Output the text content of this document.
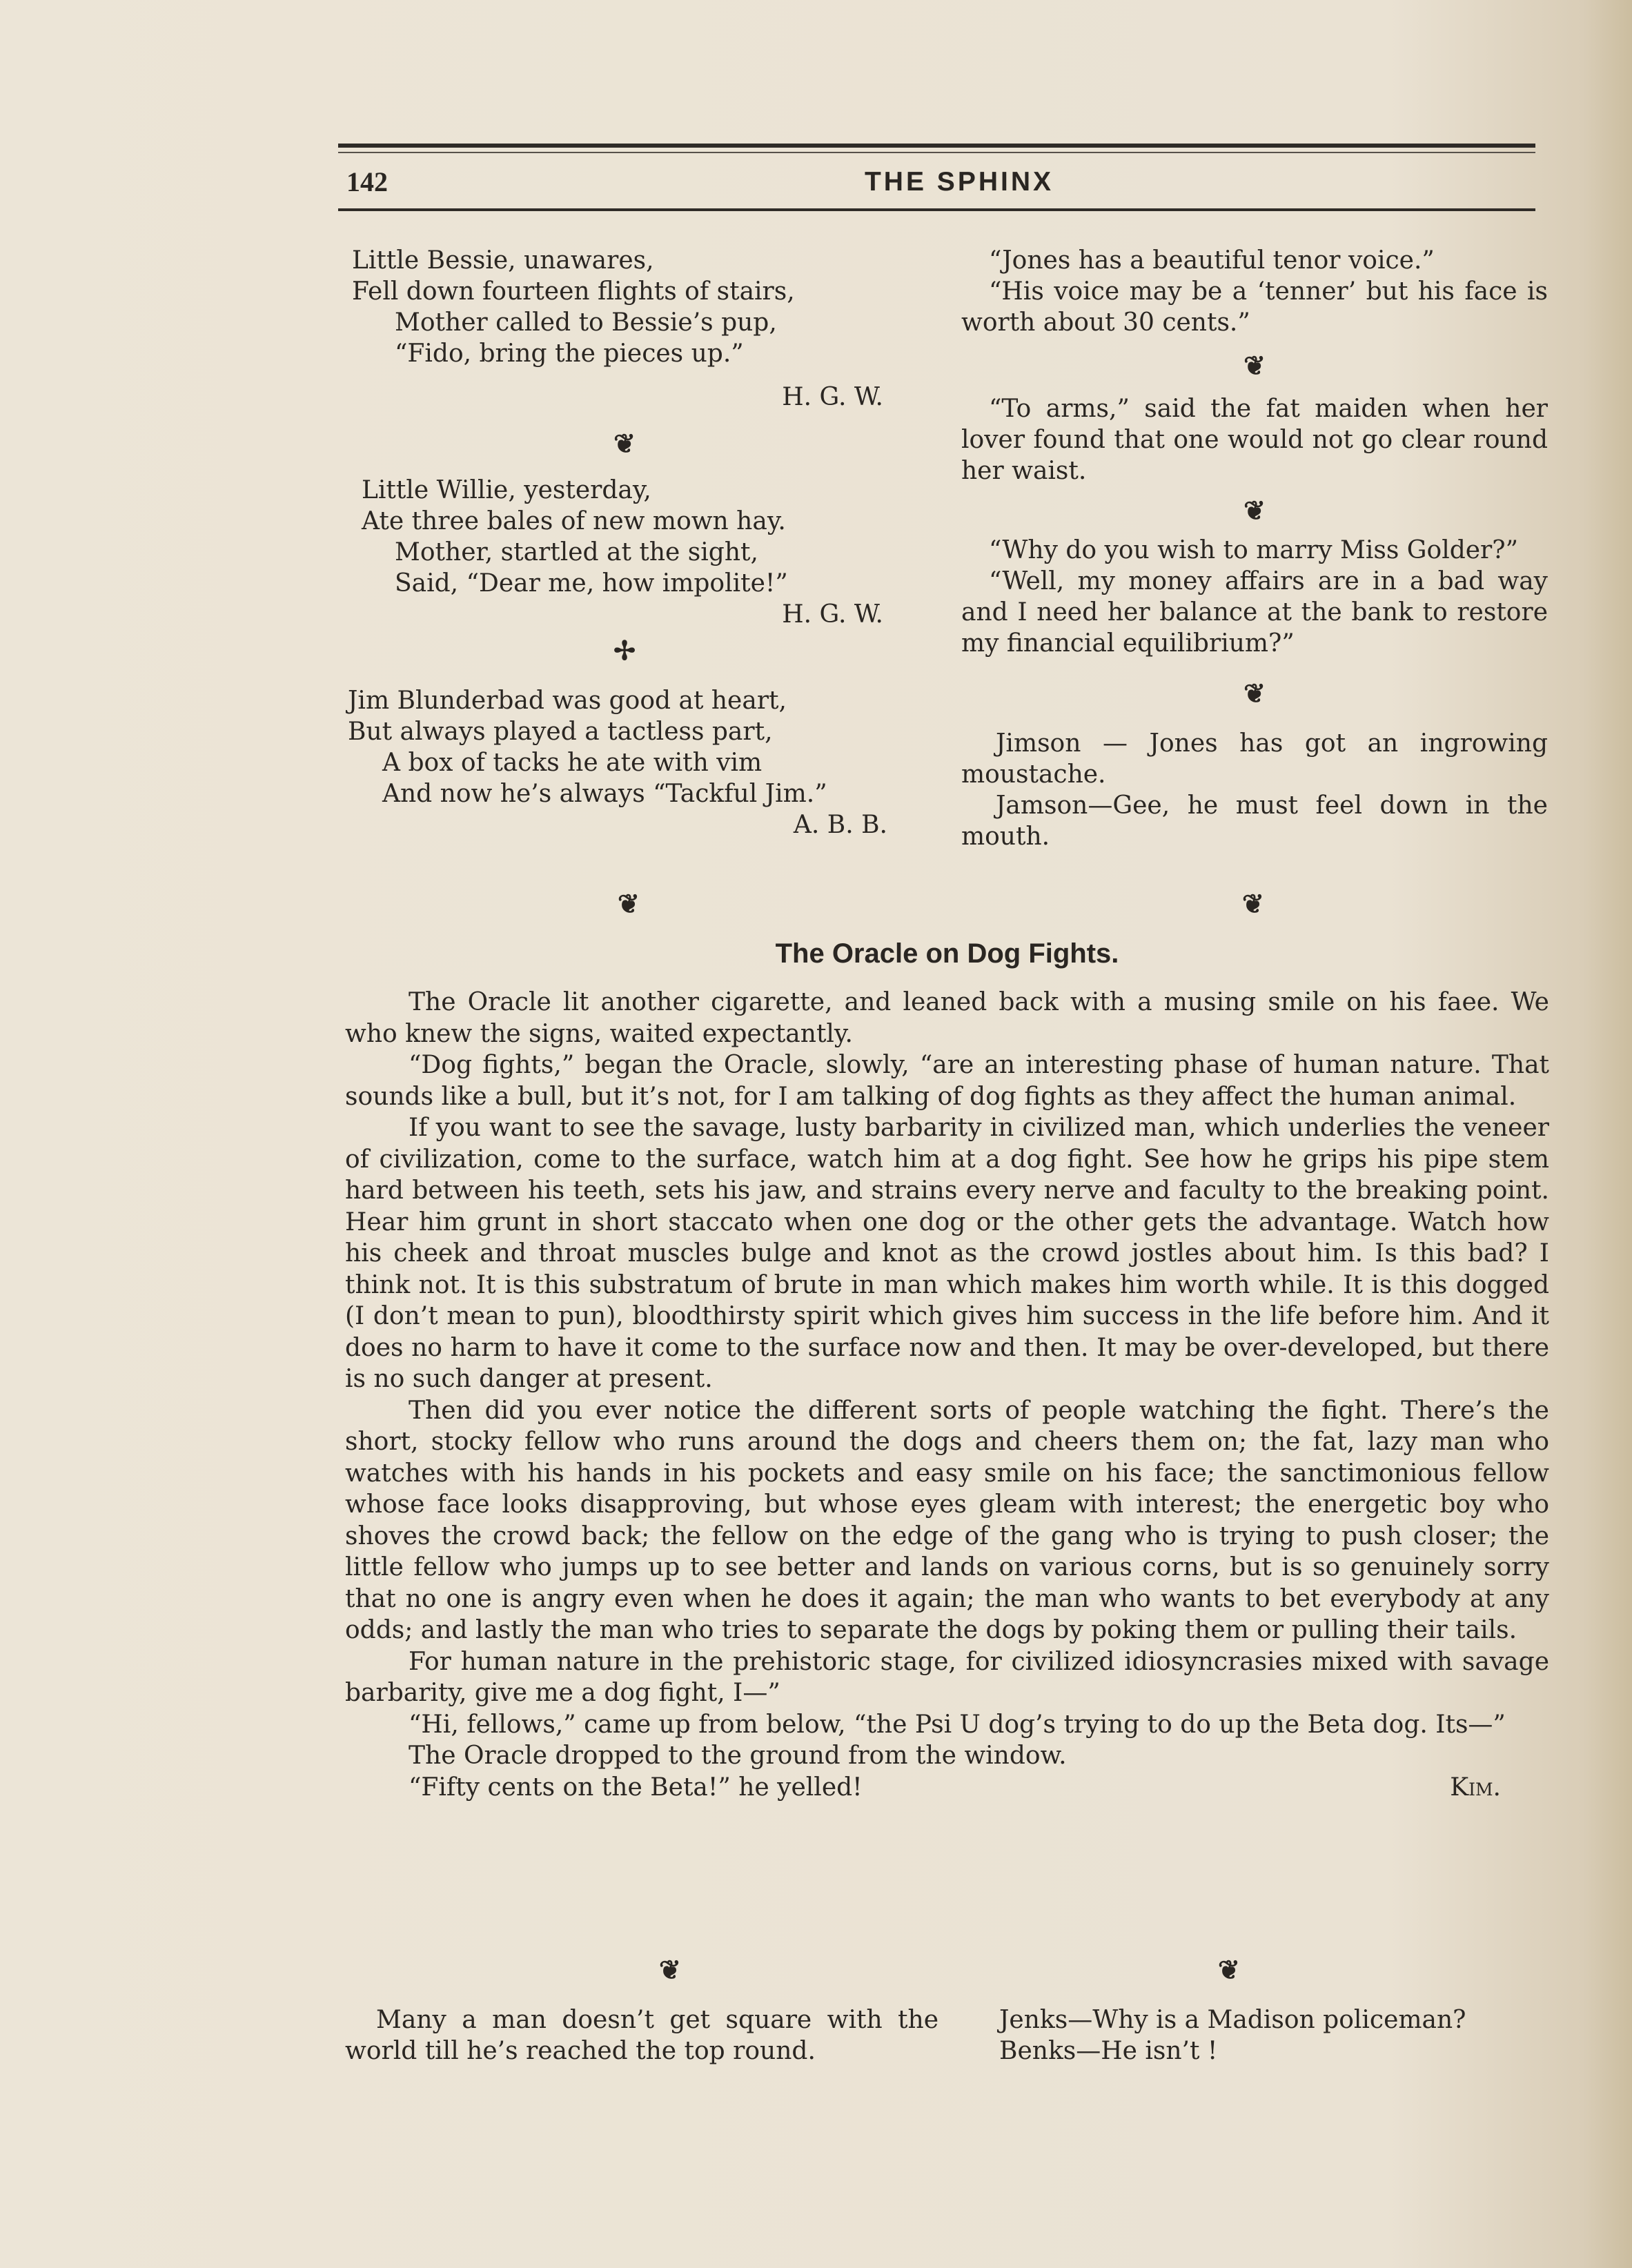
142	THE SPHINX
Little Bessie, unawares,
Fell down fourteen flights of stairs,
Mother called to Bessie’s pup,
“Fido, bring the pieces up.”
H. G. W.
❦
Little Willie, yesterday,
Ate three bales of new mown hay.
Mother, startled at the sight,
Said, “Dear me, how impolite!”
H. G. W.
✢
Jim Blunderbad was good at heart,
But always played a tactless part,
A box of tacks he ate with vim
And now he’s always “Tackful Jim.”
A. B. B.

“Jones has a beautiful tenor voice.”

“His voice may be a ‘tenner’ but his face is worth about 30 cents.”

❦

“To arms,” said the fat maiden when her lover found that one would not go clear round her waist.

❦

“Why do you wish to marry Miss Golder?”

“Well, my money affairs are in a bad way and I need her balance at the bank to restore my financial equilibrium?”

❦

Jimson — Jones has got an ingrowing moustache.

Jamson—Gee, he must feel down in the mouth.

❦	❦
The Oracle on Dog Fights.

The Oracle lit another cigarette, and leaned back with a musing smile on his faee. We who knew the signs, waited expectantly.

“Dog fights,” began the Oracle, slowly, “are an interesting phase of human nature. That sounds like a bull, but it’s not, for I am talking of dog fights as they affect the human animal.

If you want to see the savage, lusty barbarity in civilized man, which underlies the veneer of civilization, come to the surface, watch him at a dog fight. See how he grips his pipe stem hard between his teeth, sets his jaw, and strains every nerve and faculty to the breaking point. Hear him grunt in short staccato when one dog or the other gets the advantage. Watch how his cheek and throat muscles bulge and knot as the crowd jostles about him. Is this bad? I think not. It is this substratum of brute in man which makes him worth while. It is this dogged (I don’t mean to pun), bloodthirsty spirit which gives him success in the life before him. And it does no harm to have it come to the surface now and then. It may be over-developed, but there is no such danger at present.

Then did you ever notice the different sorts of people watching the fight. There’s the short, stocky fellow who runs around the dogs and cheers them on; the fat, lazy man who watches with his hands in his pockets and easy smile on his face; the sanctimonious fellow whose face looks disapproving, but whose eyes gleam with interest; the energetic boy who shoves the crowd back; the fellow on the edge of the gang who is trying to push closer; the little fellow who jumps up to see better and lands on various corns, but is so genuinely sorry that no one is angry even when he does it again; the man who wants to bet everybody at any odds; and lastly the man who tries to separate the dogs by poking them or pulling their tails.

For human nature in the prehistoric stage, for civilized idiosyncrasies mixed with savage barbarity, give me a dog fight, I—”

“Hi, fellows,” came up from below, “the Psi U dog’s trying to do up the Beta dog. Its—”

The Oracle dropped to the ground from the window.

“Fifty cents on the Beta!” he yelled!	Kim.

❦	❦

Many a man doesn’t get square with the world till he’s reached the top round.

Jenks—Why is a Madison policeman?

Benks—He isn’t !
